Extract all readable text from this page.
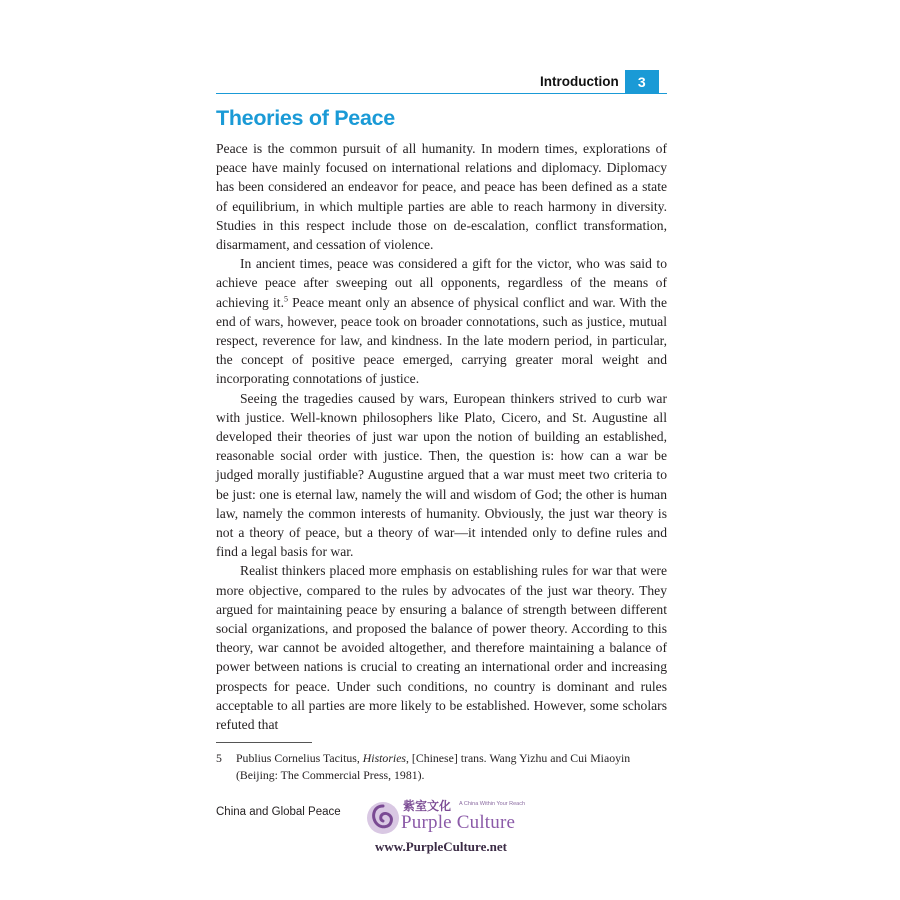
Introduction	3
Theories of Peace

Peace is the common pursuit of all humanity. In modern times, explorations of peace have mainly focused on international relations and diplomacy. Diplomacy has been considered an endeavor for peace, and peace has been defined as a state of equilibrium, in which multiple parties are able to reach harmony in diversity. Studies in this respect include those on de-escalation, conflict transformation, disarmament, and cessation of violence.

In ancient times, peace was considered a gift for the victor, who was said to achieve peace after sweeping out all opponents, regardless of the means of achieving it.$^5$ Peace meant only an absence of physical conflict and war. With the end of wars, however, peace took on broader connotations, such as justice, mutual respect, reverence for law, and kindness. In the late modern period, in particular, the concept of positive peace emerged, carrying greater moral weight and incorporating connotations of justice.

Seeing the tragedies caused by wars, European thinkers strived to curb war with justice. Well-known philosophers like Plato, Cicero, and St. Augustine all developed their theories of just war upon the notion of building an established, reasonable social order with justice. Then, the question is: how can a war be judged morally justifiable? Augustine argued that a war must meet two criteria to be just: one is eternal law, namely the will and wisdom of God; the other is human law, namely the common interests of humanity. Obviously, the just war theory is not a theory of peace, but a theory of war—it intended only to define rules and find a legal basis for war.

Realist thinkers placed more emphasis on establishing rules for war that were more objective, compared to the rules by advocates of the just war theory. They argued for maintaining peace by ensuring a balance of strength between different social organizations, and proposed the balance of power theory. According to this theory, war cannot be avoided altogether, and therefore maintaining a balance of power between nations is crucial to creating an international order and increasing prospects for peace. Under such conditions, no country is dominant and rules acceptable to all parties are more likely to be established. However, some scholars refuted that

5 Publius Cornelius Tacitus, Histories, [Chinese] trans. Wang Yizhu and Cui Miaoyin
(Beijing: The Commercial Press, 1981).
China and Global Peace	紫室文化 A China Within Your Reach
Purple Culture
www.PurpleCulture.net
